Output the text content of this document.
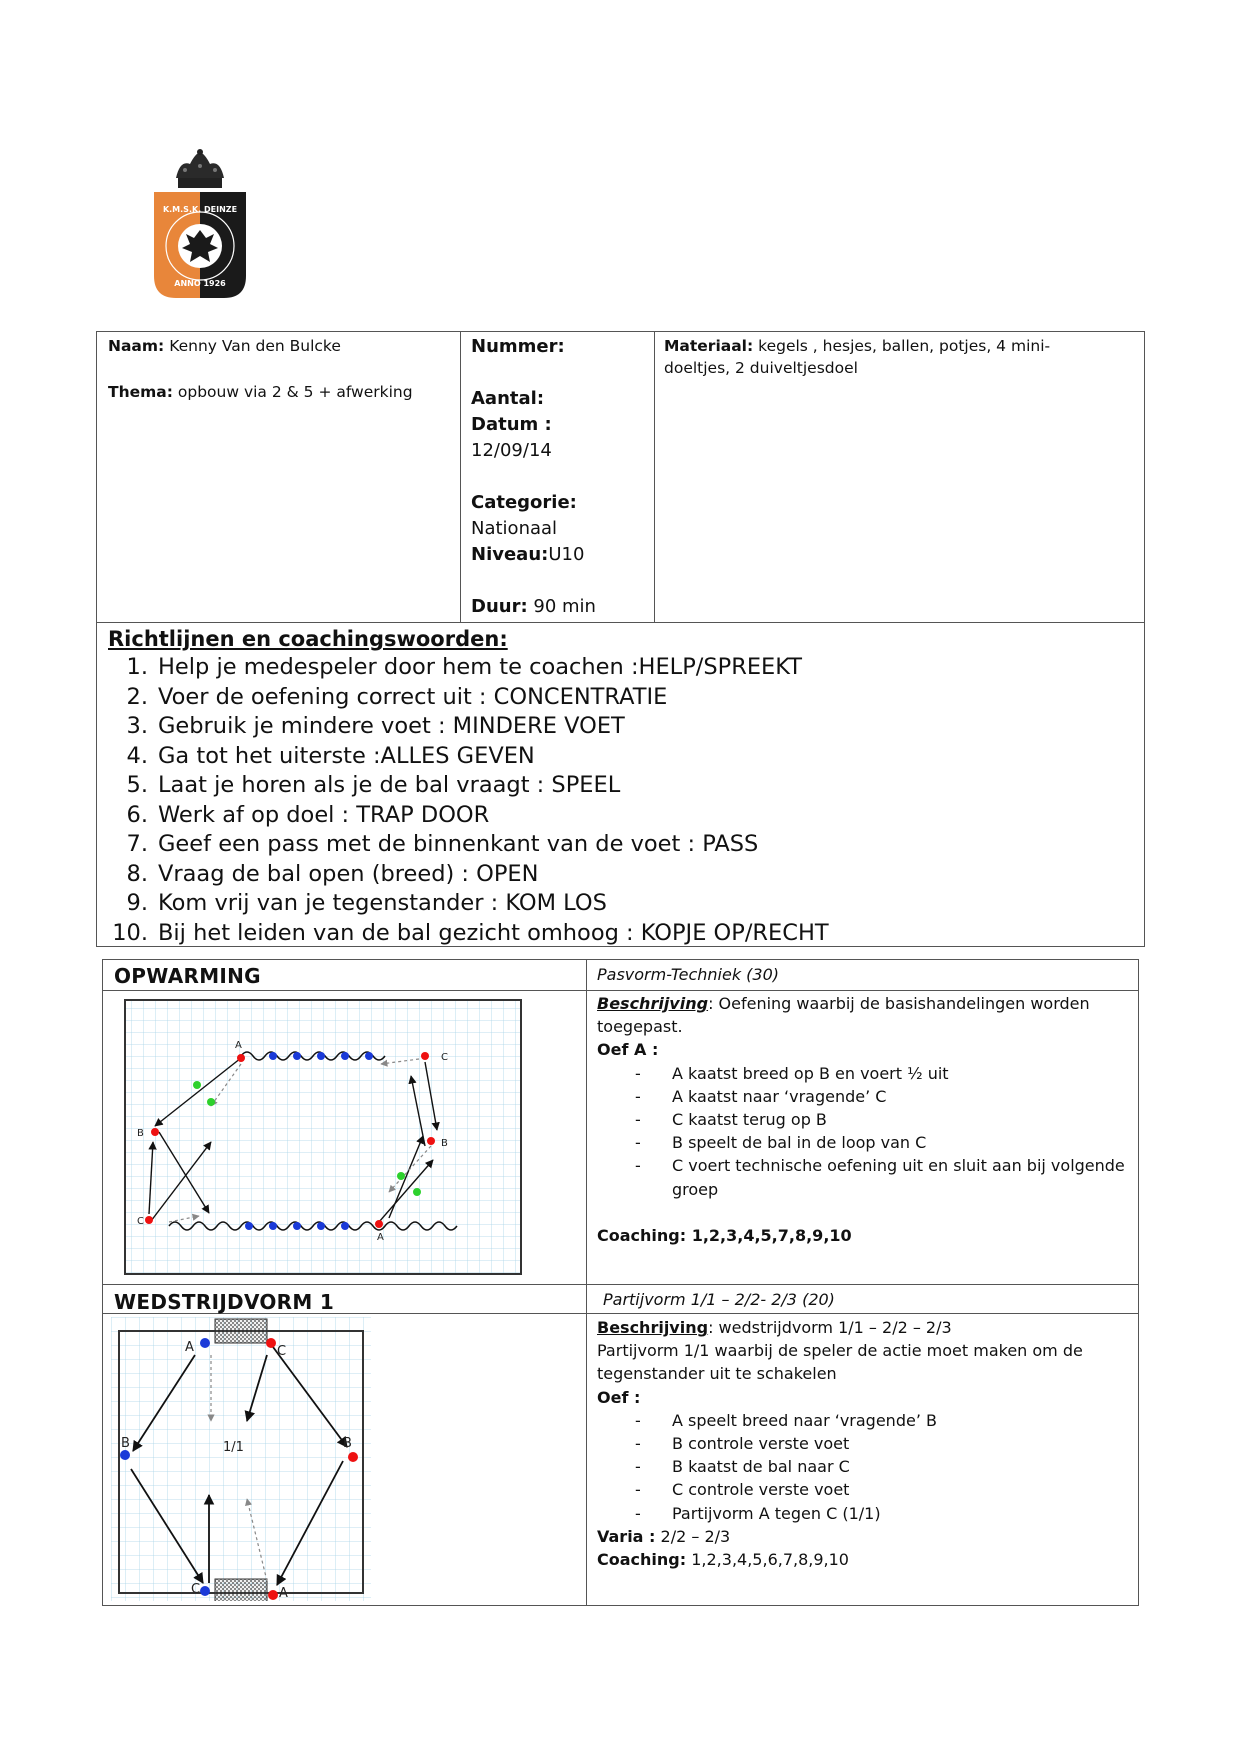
K.M.S.K. DEINZE
ANNO 1926
Naam: Kenny Van den Bulcke
Thema: opbouw via 2 & 5 + afwerking
Nummer:
Aantal:
Datum :
12/09/14
Categorie:
Nationaal
Niveau:U10
Duur: 90 min
Materiaal: kegels , hesjes, ballen, potjes, 4 mini-
doeltjes, 2 duiveltjesdoel
Richtlijnen en coachingswoorden:
1. Help je medespeler door hem te coachen :HELP/SPREEKT
2. Voer de oefening correct uit : CONCENTRATIE
3. Gebruik je mindere voet : MINDERE VOET
4. Ga tot het uiterste :ALLES GEVEN
5. Laat je horen als je de bal vraagt : SPEEL
6. Werk af op doel : TRAP DOOR
7. Geef een pass met de binnenkant van de voet : PASS
8. Vraag de bal open (breed) : OPEN
9. Kom vrij van je tegenstander : KOM LOS
10. Bij het leiden van de bal gezicht omhoog : KOPJE OP/RECHT
OPWARMING	Pasvorm-Techniek (30)
A
C
B
B
C
A
Beschrijving: Oefening waarbij de basishandelingen worden
toegepast.
Oef A :
- A kaatst breed op B en voert ½ uit
- A kaatst naar ‘vragende’ C
- C kaatst terug op B
- B speelt de bal in de loop van C
- C voert technische oefening uit en sluit aan bij volgende groep
Coaching: 1,2,3,4,5,7,8,9,10
WEDSTRIJDVORM 1	Partijvorm 1/1 – 2/2- 2/3 (20)
A	C
B	B
1/1
C	A
Beschrijving: wedstrijdvorm 1/1 – 2/2 – 2/3
Partijvorm 1/1 waarbij de speler de actie moet maken om de
tegenstander uit te schakelen
Oef :
- A speelt breed naar ‘vragende’ B
- B controle verste voet
- B kaatst de bal naar C
- C controle verste voet
- Partijvorm A tegen C (1/1)
Varia : 2/2 – 2/3
Coaching: 1,2,3,4,5,6,7,8,9,10
